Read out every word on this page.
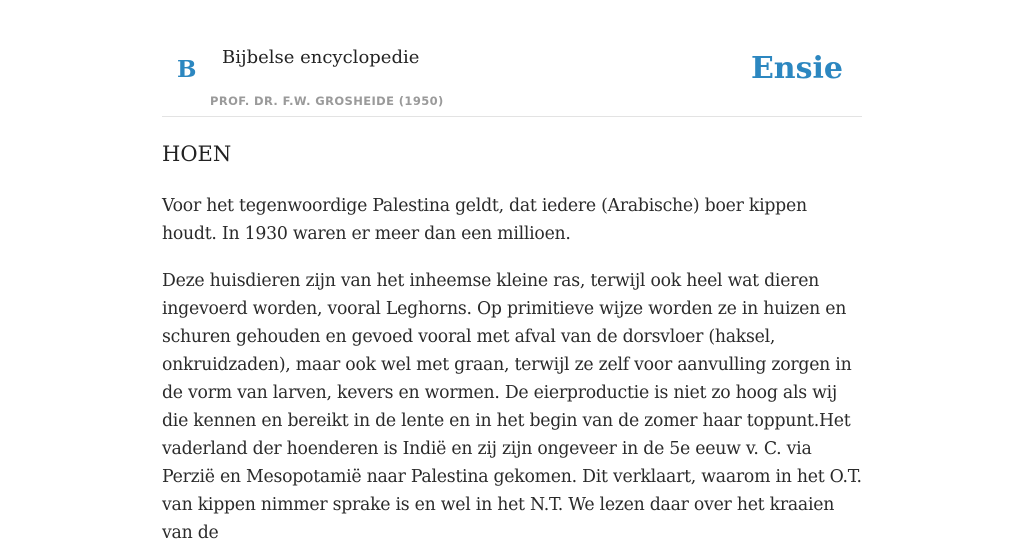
B Bijbelse encyclopedie
PROF. DR. F.W. GROSHEIDE (1950)
Ensie
HOEN

Voor het tegenwoordige Palestina geldt, dat iedere (Arabische) boer kippen houdt. In 1930 waren er meer dan een millioen.

Deze huisdieren zijn van het inheemse kleine ras, terwijl ook heel wat dieren ingevoerd worden, vooral Leghorns. Op primitieve wijze worden ze in huizen en schuren gehouden en gevoed vooral met afval van de dorsvloer (haksel, onkruidzaden), maar ook wel met graan, terwijl ze zelf voor aanvulling zorgen in de vorm van larven, kevers en wormen. De eierproductie is niet zo hoog als wij die kennen en bereikt in de lente en in het begin van de zomer haar toppunt.Het vaderland der hoenderen is Indië en zij zijn ongeveer in de 5e eeuw v. C. via Perzië en Mesopotamië naar Palestina gekomen. Dit verklaart, waarom in het O.T. van kippen nimmer sprake is en wel in het N.T. We lezen daar over het kraaien van de
